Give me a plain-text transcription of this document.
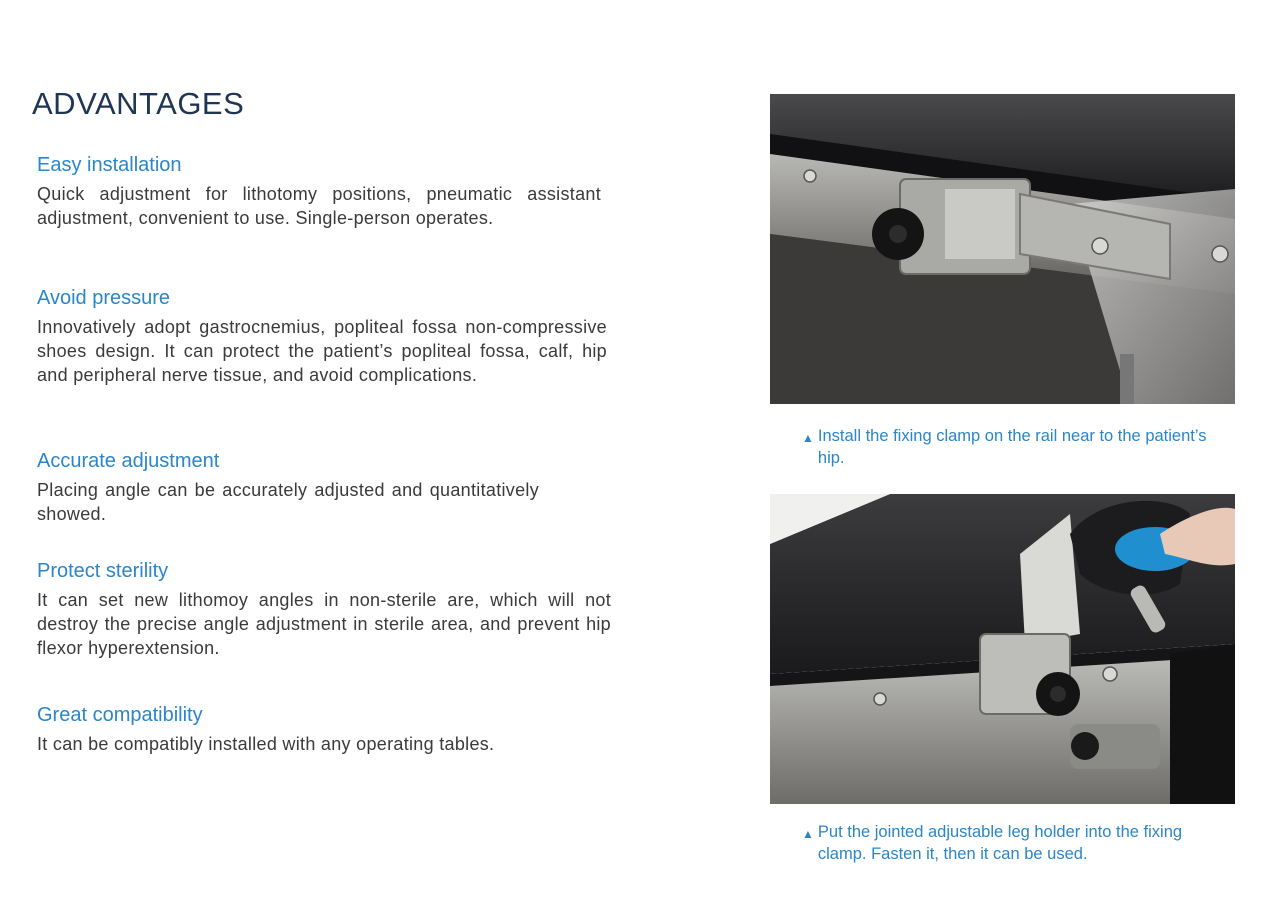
ADVANTAGES
Easy installation

Quick adjustment for lithotomy positions, pneumatic assistant adjustment, convenient to use. Single-person operates.

Avoid pressure

Innovatively adopt gastrocnemius, popliteal fossa non-compressive shoes design. It can protect the patient’s popliteal fossa, calf, hip and peripheral nerve tissue, and avoid complications.

Accurate adjustment

Placing angle can be accurately adjusted and quantitatively showed.

Protect sterility

It can set new lithomoy angles in non-sterile are, which will not destroy the precise angle adjustment in sterile area, and prevent hip flexor hyperextension.

Great compatibility

It can be compatibly installed with any operating tables.

▲ Install the fixing clamp on the rail near to the patient’s hip.
▲ Put the jointed adjustable leg holder into the fixing clamp. Fasten it, then it can be used.
